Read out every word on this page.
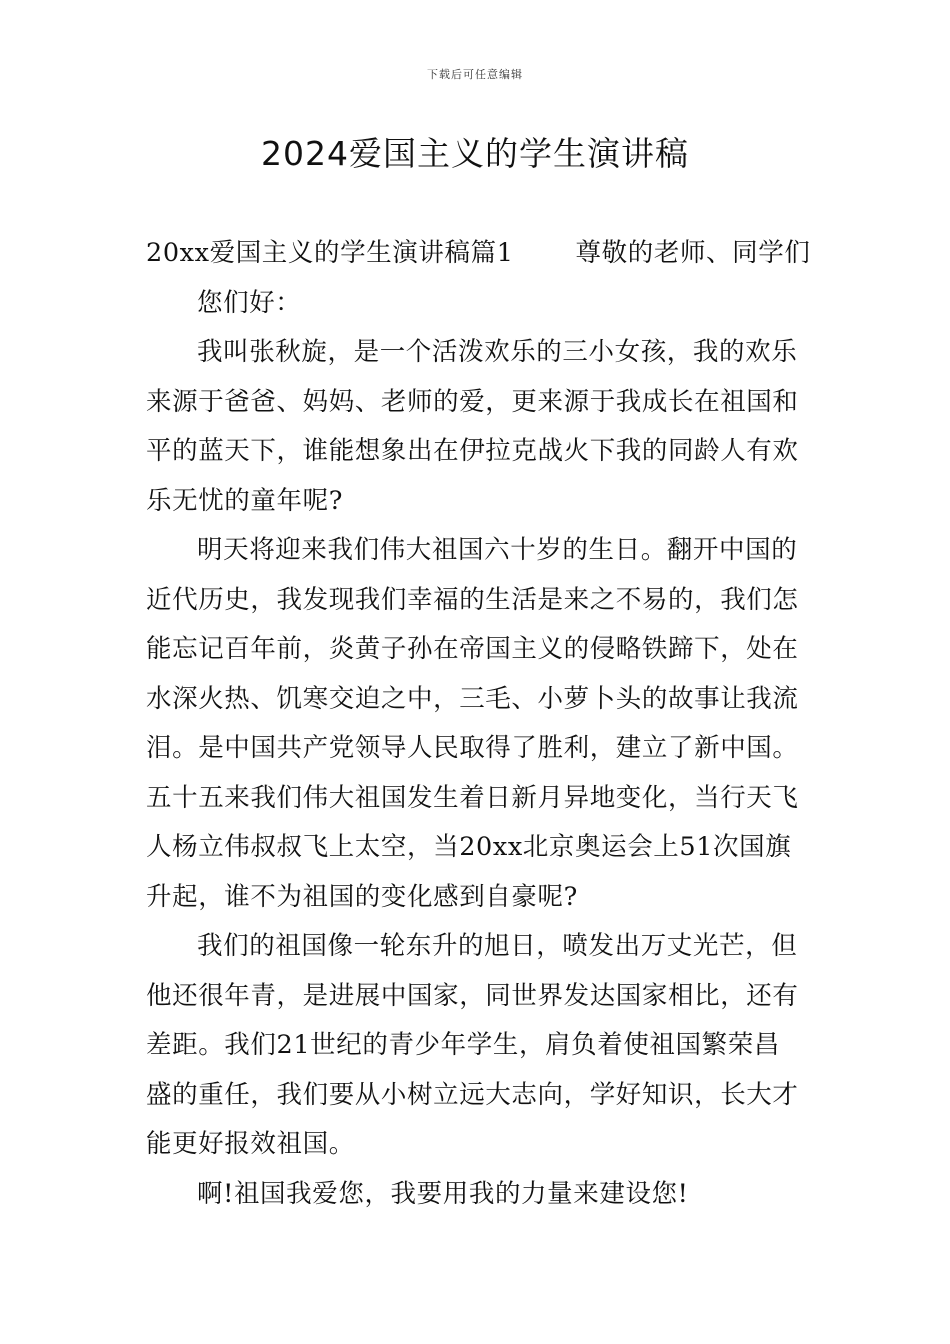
下载后可任意编辑
2024爱国主义的学生演讲稿

20xx爱国主义的学生演讲稿篇1 尊敬的老师、同学们

您们好：

我叫张秋旋，是一个活泼欢乐的三小女孩，我的欢乐来源于爸爸、妈妈、老师的爱，更来源于我成长在祖国和平的蓝天下，谁能想象出在伊拉克战火下我的同龄人有欢乐无忧的童年呢?

明天将迎来我们伟大祖国六十岁的生日。翻开中国的近代历史，我发现我们幸福的生活是来之不易的，我们怎能忘记百年前，炎黄子孙在帝国主义的侵略铁蹄下，处在水深火热、饥寒交迫之中，三毛、小萝卜头的故事让我流泪。是中国共产党领导人民取得了胜利，建立了新中国。五十五来我们伟大祖国发生着日新月异地变化，当行天飞人杨立伟叔叔飞上太空，当20xx北京奥运会上51次国旗升起，谁不为祖国的变化感到自豪呢?

我们的祖国像一轮东升的旭日，喷发出万丈光芒，但他还很年青，是进展中国家，同世界发达国家相比，还有差距。我们21世纪的青少年学生，肩负着使祖国繁荣昌盛的重任，我们要从小树立远大志向，学好知识，长大才能更好报效祖国。

啊!祖国我爱您，我要用我的力量来建设您!
